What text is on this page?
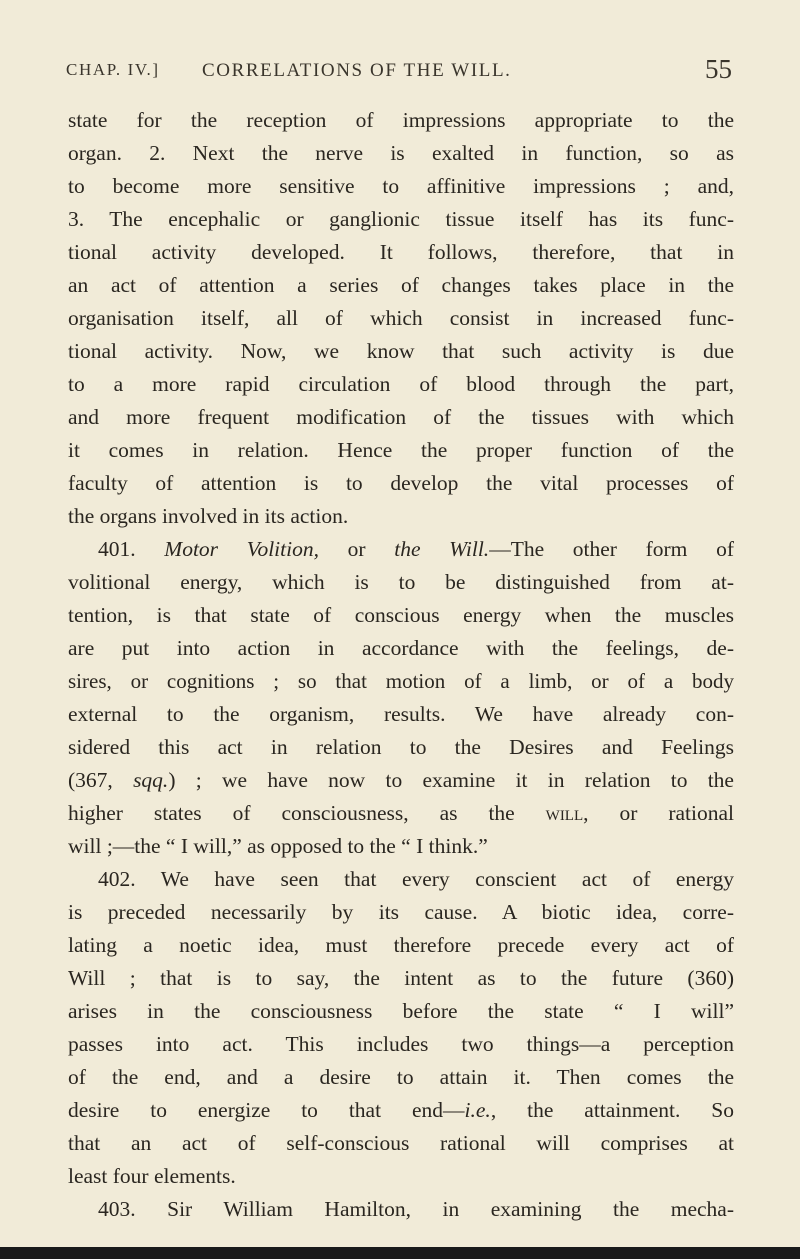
CHAP. IV.] CORRELATIONS OF THE WILL.	55
state for the reception of impressions appropriate to the
organ. 2. Next the nerve is exalted in function, so as
to become more sensitive to affinitive impressions ; and,
3. The encephalic or ganglionic tissue itself has its func-
tional activity developed. It follows, therefore, that in
an act of attention a series of changes takes place in the
organisation itself, all of which consist in increased func-
tional activity. Now, we know that such activity is due
to a more rapid circulation of blood through the part,
and more frequent modification of the tissues with which
it comes in relation. Hence the proper function of the
faculty of attention is to develop the vital processes of
the organs involved in its action.
401. Motor Volition, or the Will.—The other form of
volitional energy, which is to be distinguished from at-
tention, is that state of conscious energy when the muscles
are put into action in accordance with the feelings, de-
sires, or cognitions ; so that motion of a limb, or of a body
external to the organism, results. We have already con-
sidered this act in relation to the Desires and Feelings
(367, sqq.) ; we have now to examine it in relation to the
higher states of consciousness, as the will, or rational
will ;—the “ I will,” as opposed to the “ I think.”
402. We have seen that every conscient act of energy
is preceded necessarily by its cause. A biotic idea, corre-
lating a noetic idea, must therefore precede every act of
Will ; that is to say, the intent as to the future (360)
arises in the consciousness before the state “ I will”
passes into act. This includes two things—a perception
of the end, and a desire to attain it. Then comes the
desire to energize to that end—i.e., the attainment. So
that an act of self-conscious rational will comprises at
least four elements.
403. Sir William Hamilton, in examining the mecha-
